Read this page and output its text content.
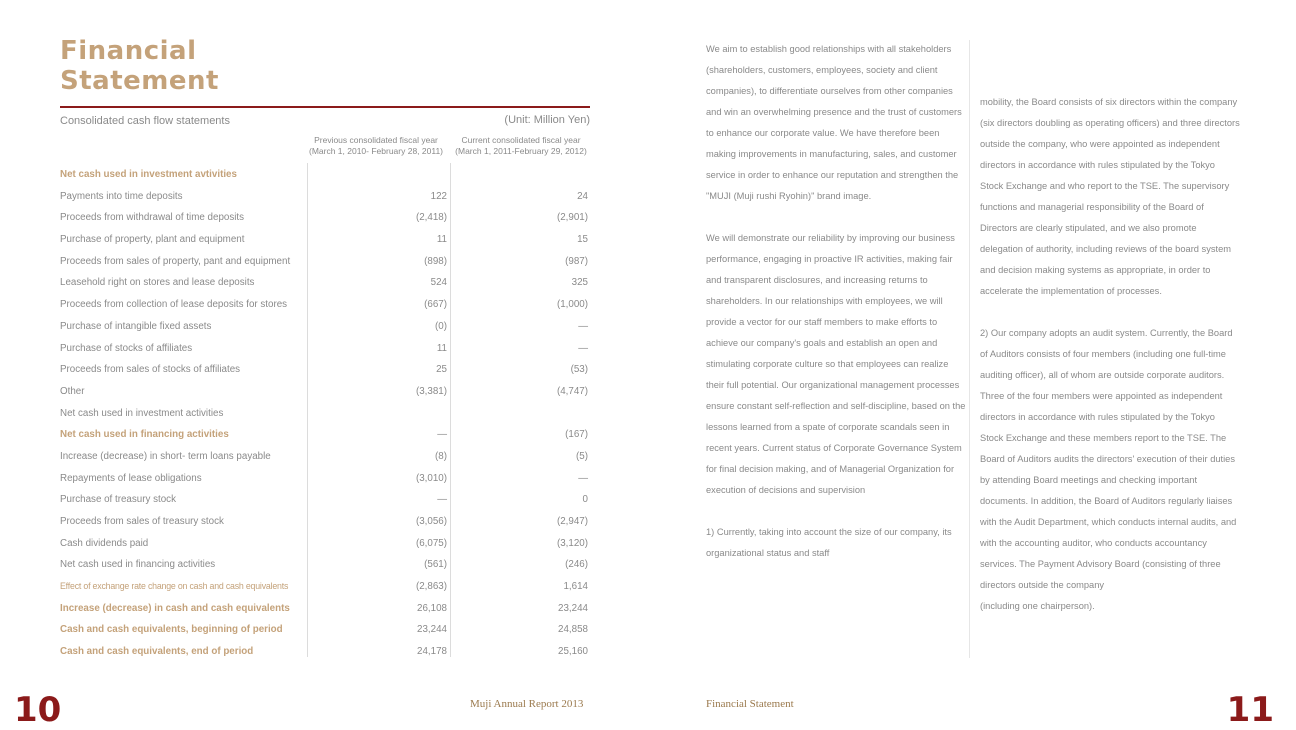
Financial
Statement
Consolidated cash flow statements	(Unit: Million Yen)
Previous consolidated fiscal year
(March 1, 2010- February 28, 2011)
Current consolidated fiscal year
(March 1, 2011-February 29, 2012)
Net cash used in investment avtivities
Payments into time deposits	122	24
Proceeds from withdrawal of time deposits	(2,418)	(2,901)
Purchase of property, plant and equipment	11	15
Proceeds from sales of property, pant and equipment	(898)	(987)
Leasehold right on stores and lease deposits	524	325
Proceeds from collection of lease deposits for stores	(667)	(1,000)
Purchase of intangible fixed assets	(0)	—
Purchase of stocks of affiliates	11	—
Proceeds from sales of stocks of affiliates	25	(53)
Other	(3,381)	(4,747)
Net cash used in investment activities
Net cash used in financing activities	—	(167)
Increase (decrease) in short- term loans payable	(8)	(5)
Repayments of lease obligations	(3,010)	—
Purchase of treasury stock	—	0
Proceeds from sales of treasury stock	(3,056)	(2,947)
Cash dividends paid	(6,075)	(3,120)
Net cash used in financing activities	(561)	(246)
Effect of exchange rate change on cash and cash equivalents	(2,863)	1,614
Increase (decrease) in cash and cash equivalents	26,108	23,244
Cash and cash equivalents, beginning of period	23,244	24,858
Cash and cash equivalents, end of period	24,178	25,160
10	Muji Annual Report 2013

We aim to establish good relationships with all stakeholders (shareholders, customers, employees, society and client companies), to differentiate ourselves from other companies and win an overwhelming presence and the trust of customers to enhance our corporate value. We have therefore been making improvements in manufacturing, sales, and customer service in order to enhance our reputation and strengthen the "MUJI (Muji rushi Ryohin)" brand image.

We will demonstrate our reliability by improving our business performance, engaging in proactive IR activities, making fair and transparent disclosures, and increasing returns to shareholders. In our relationships with employees, we will provide a vector for our staff members to make efforts to achieve our company's goals and establish an open and stimulating corporate culture so that employees can realize their full potential. Our organizational management processes ensure constant self-reflection and self-discipline, based on the lessons learned from a spate of corporate scandals seen in recent years. Current status of Corporate Governance System for final decision making, and of Managerial Organization for execution of decisions and supervision

1) Currently, taking into account the size of our company, its organizational status and staff

mobility, the Board consists of six directors within the company (six directors doubling as operating officers) and three directors outside the company, who were appointed as independent directors in accordance with rules stipulated by the Tokyo Stock Exchange and who report to the TSE. The supervisory functions and managerial responsibility of the Board of Directors are clearly stipulated, and we also promote delegation of authority, including reviews of the board system and decision making systems as appropriate, in order to accelerate the implementation of processes.

2) Our company adopts an audit system. Currently, the Board of Auditors consists of four members (including one full-time auditing officer), all of whom are outside corporate auditors. Three of the four members were appointed as independent directors in accordance with rules stipulated by the Tokyo Stock Exchange and these members report to the TSE. The Board of Auditors audits the directors' execution of their duties by attending Board meetings and checking important documents. In addition, the Board of Auditors regularly liaises with the Audit Department, which conducts internal audits, and with the accounting auditor, who conducts accountancy services. The Payment Advisory Board (consisting of three directors outside the company

(including one chairperson).

Financial Statement	11
